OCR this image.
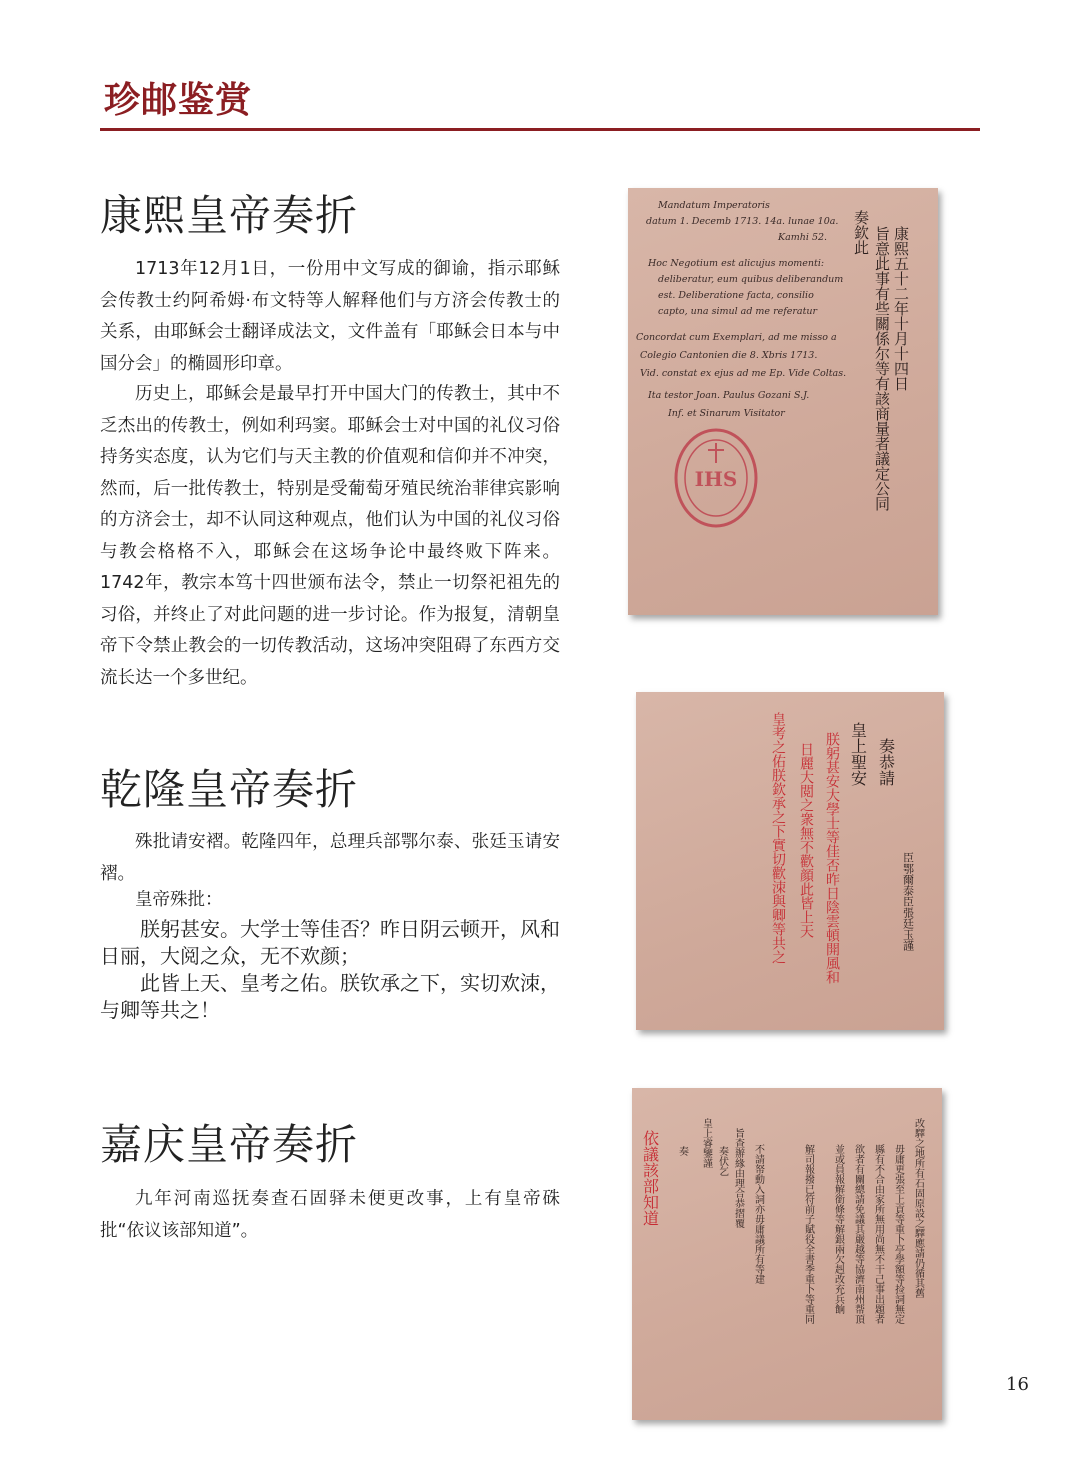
珍邮鉴赏
康熙皇帝奏折

1713年12月1日，一份用中文写成的御谕，指示耶稣会传教士约阿希姆·布文特等人解释他们与方济会传教士的关系，由耶稣会士翻译成法文，文件盖有「耶稣会日本与中国分会」的椭圆形印章。

历史上，耶稣会是最早打开中国大门的传教士，其中不乏杰出的传教士，例如利玛窦。耶稣会士对中国的礼仪习俗持务实态度，认为它们与天主教的价值观和信仰并不冲突，然而，后一批传教士，特别是受葡萄牙殖民统治菲律宾影响的方济会士，却不认同这种观点，他们认为中国的礼仪习俗与教会格格不入，耶稣会在这场争论中最终败下阵来。1742年，教宗本笃十四世颁布法令，禁止一切祭祀祖先的习俗，并终止了对此问题的进一步讨论。作为报复，清朝皇帝下令禁止教会的一切传教活动，这场冲突阻碍了东西方交流长达一个多世纪。

乾隆皇帝奏折

殊批请安褶。乾隆四年，总理兵部鄂尔泰、张廷玉请安褶。

皇帝殊批：

朕躬甚安。大学士等佳否？昨日阴云顿开，风和日丽，大阅之众，无不欢颜；

此皆上天、皇考之佑。朕钦承之下，实切欢洓，与卿等共之！

嘉庆皇帝奏折

九年河南巡抚奏查石固驿未便更改事，上有皇帝硃批“依议该部知道”。

Mandatum Imperatoris
datum 1. Decemb 1713. 14a. lunae 10a.
Kamhi 52.
Hoc Negotium est alicujus momenti:
deliberatur, eum quibus deliberandum
est. Deliberatione facta, consilio
capto, una simul ad me referatur
Concordat cum Exemplari, ad me misso a
Colegio Cantonien die 8. Xbris 1713.
Vid. constat ex ejus ad me Ep. Vide Coltas.
Ita testor Joan. Paulus Gozani S.J.
Inf. et Sinarum Visitator
康熙五十二年十月十四日
旨意此事有些關係尔等有該商量者議定公同
奏欽此
IHS
奏恭請
皇上聖安
臣鄂爾泰臣張廷玉謹
朕躬甚安大學士等佳否昨日陰雲頓開風和
日麗大閲之衆無不歡顔此皆上天
皇考之佑朕欽承之下實切歡洓與卿等共之
依議該部知道	改驛之地所有石固原設之驛應請仍循其舊
毋庸更張至上貢等重卜亭學額等捡詞無定
縣有不合由家所無用尚無不干己事出題者
欲者有關總請免議其嚴越等協濟南州帮頂
並或員報解銜條等解銀兩欠赳改充兵餉
解司報撥已符前子賦役全書季重卜等重同
不請帑動入詞亦毋庸議所有等建
旨查辦緣由理合恭摺覆
奏伏乞
皇上睿鑒謹
奏
16
